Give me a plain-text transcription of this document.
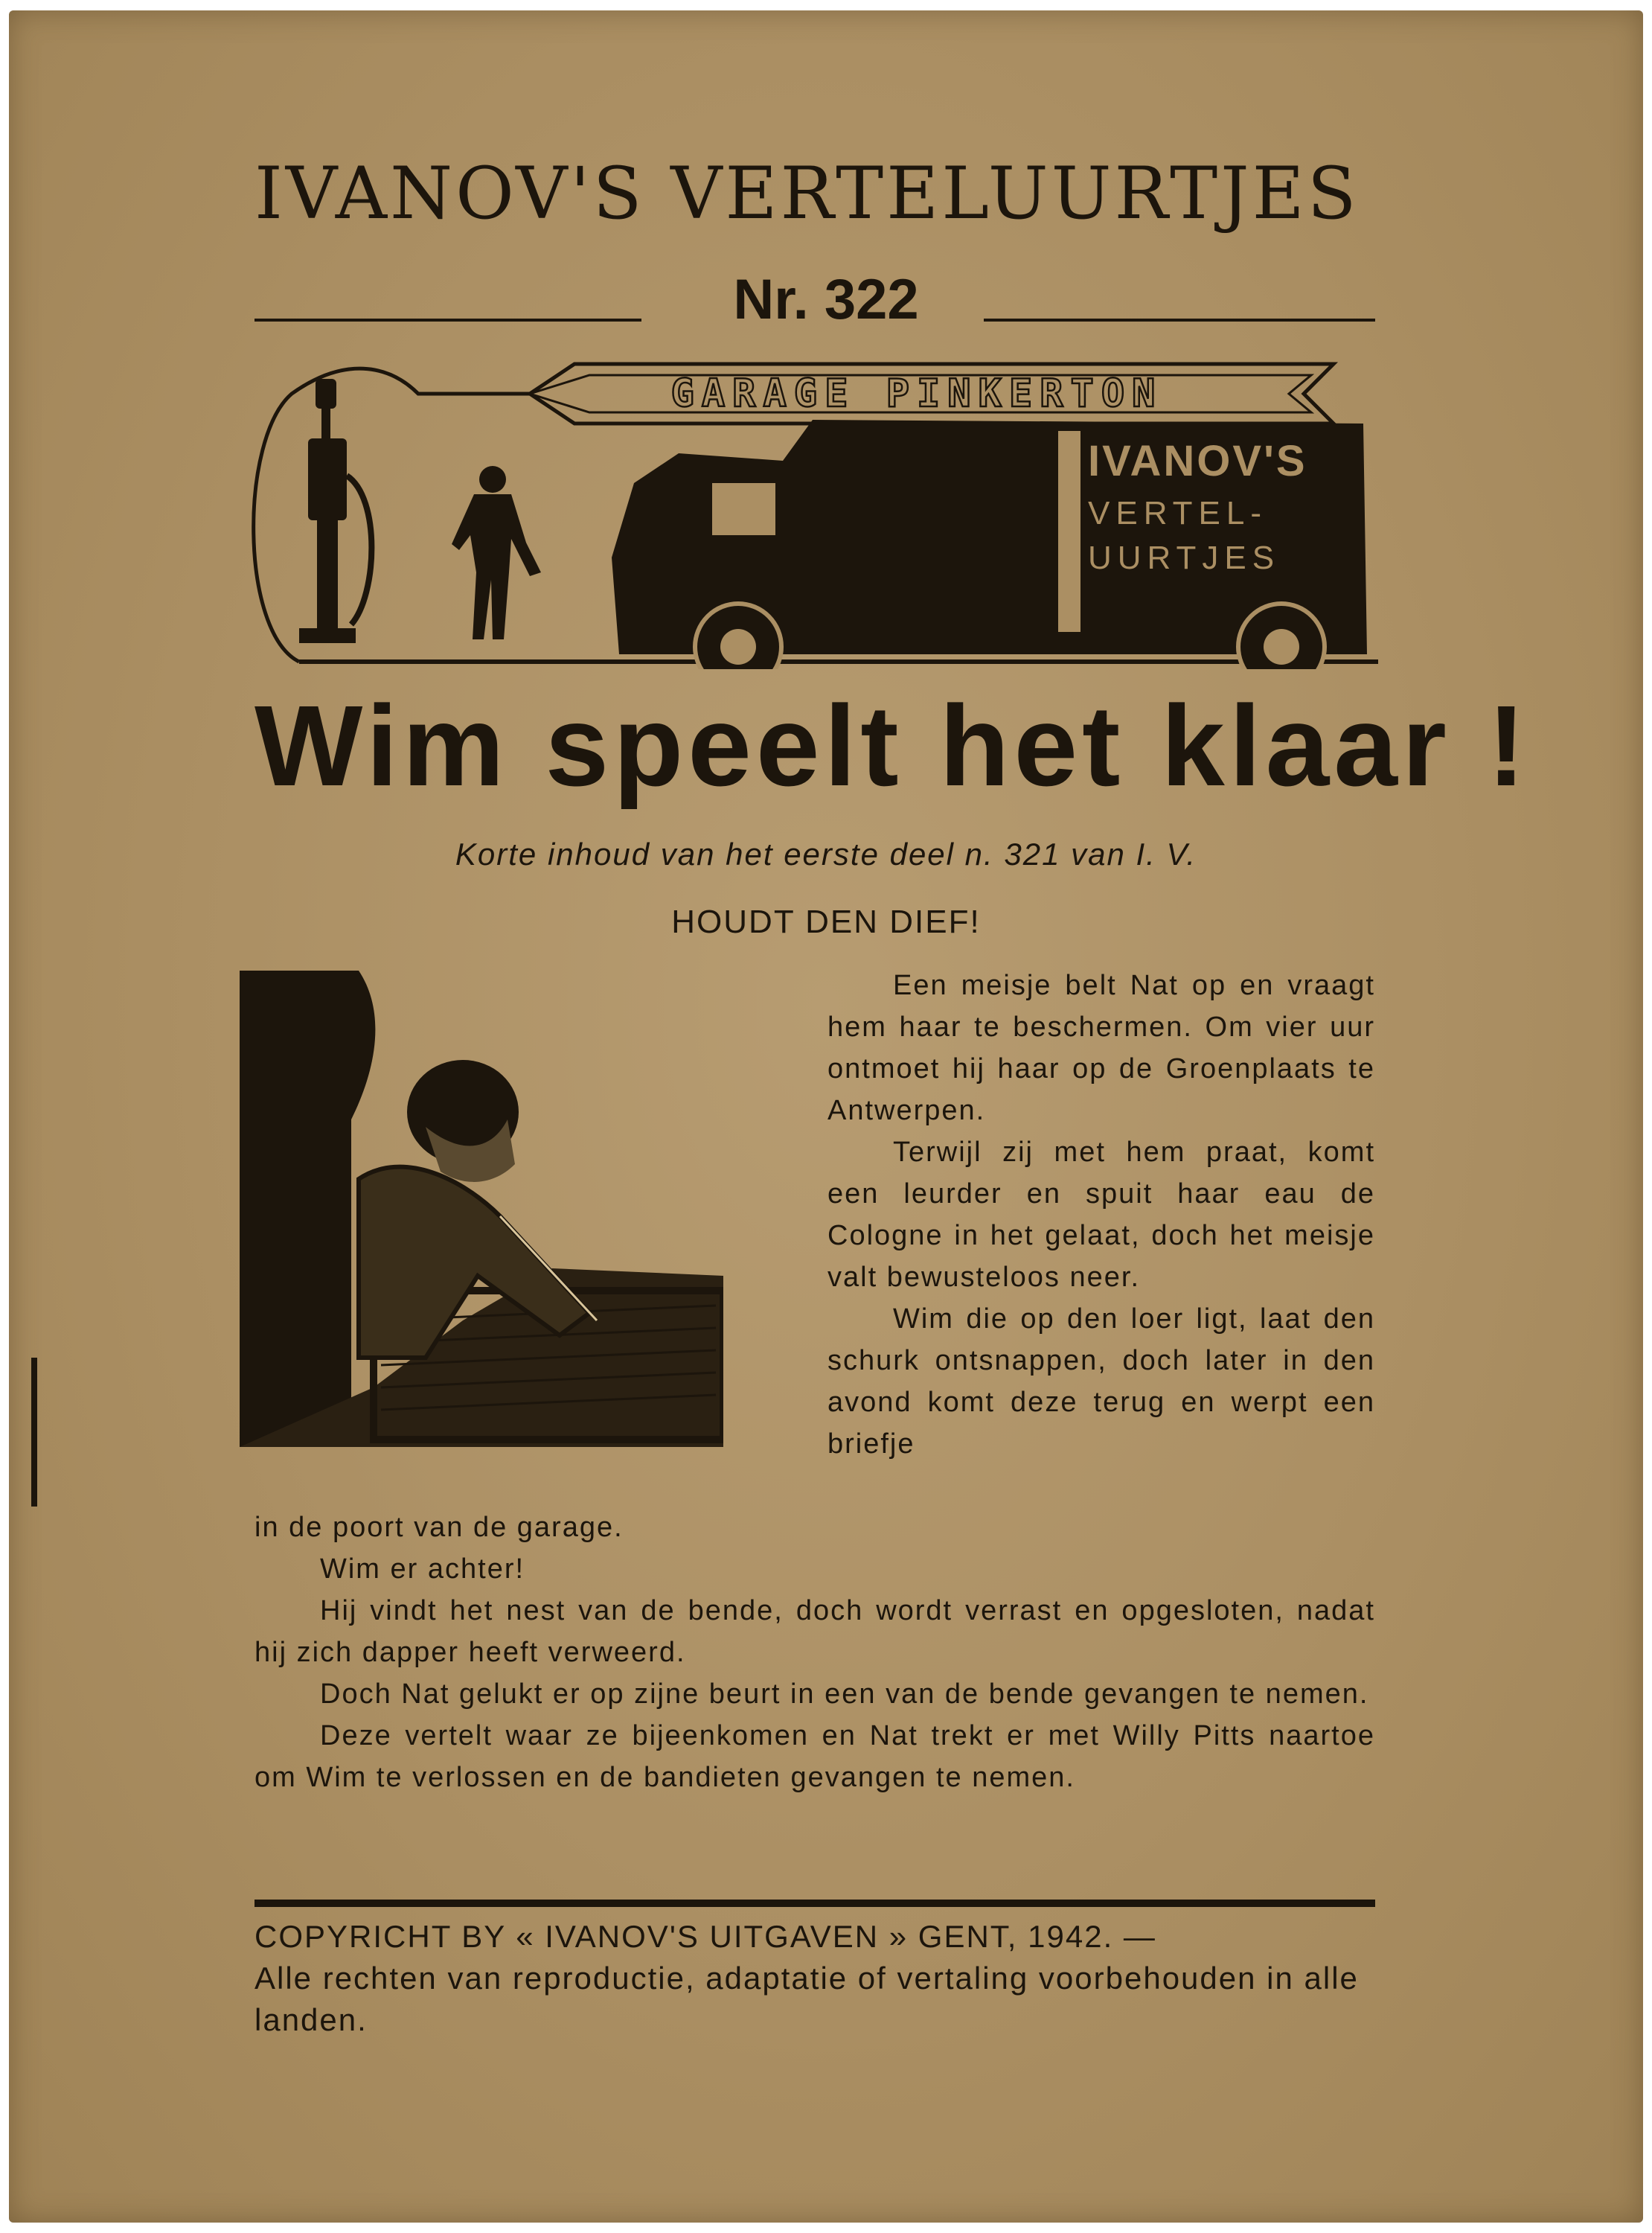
IVANOV'S VERTELUURTJES
Nr. 322
GARAGE PINKERTON
IVANOV'S
VERTEL-
UURTJES
Wim speelt het klaar !
Korte inhoud van het eerste deel n. 321 van I. V.
HOUDT DEN DIEF!

Een meisje belt Nat op en vraagt hem haar te beschermen. Om vier uur ontmoet hij haar op de Groenplaats te Antwerpen.

Terwijl zij met hem praat, komt een leurder en spuit haar eau de Cologne in het gelaat, doch het meisje valt bewusteloos neer.

Wim die op den loer ligt, laat den schurk ontsnappen, doch later in den avond komt deze terug en werpt een briefje

in de poort van de garage.

Wim er achter!

Hij vindt het nest van de bende, doch wordt verrast en opgesloten, nadat hij zich dapper heeft verweerd.

Doch Nat gelukt er op zijne beurt in een van de bende gevangen te nemen.

Deze vertelt waar ze bijeenkomen en Nat trekt er met Willy Pitts naartoe om Wim te verlossen en de bandieten gevangen te nemen.

COPYRICHT BY « IVANOV'S UITGAVEN » GENT, 1942. —
Alle rechten van reproductie, adaptatie of vertaling voorbehouden in alle landen.
